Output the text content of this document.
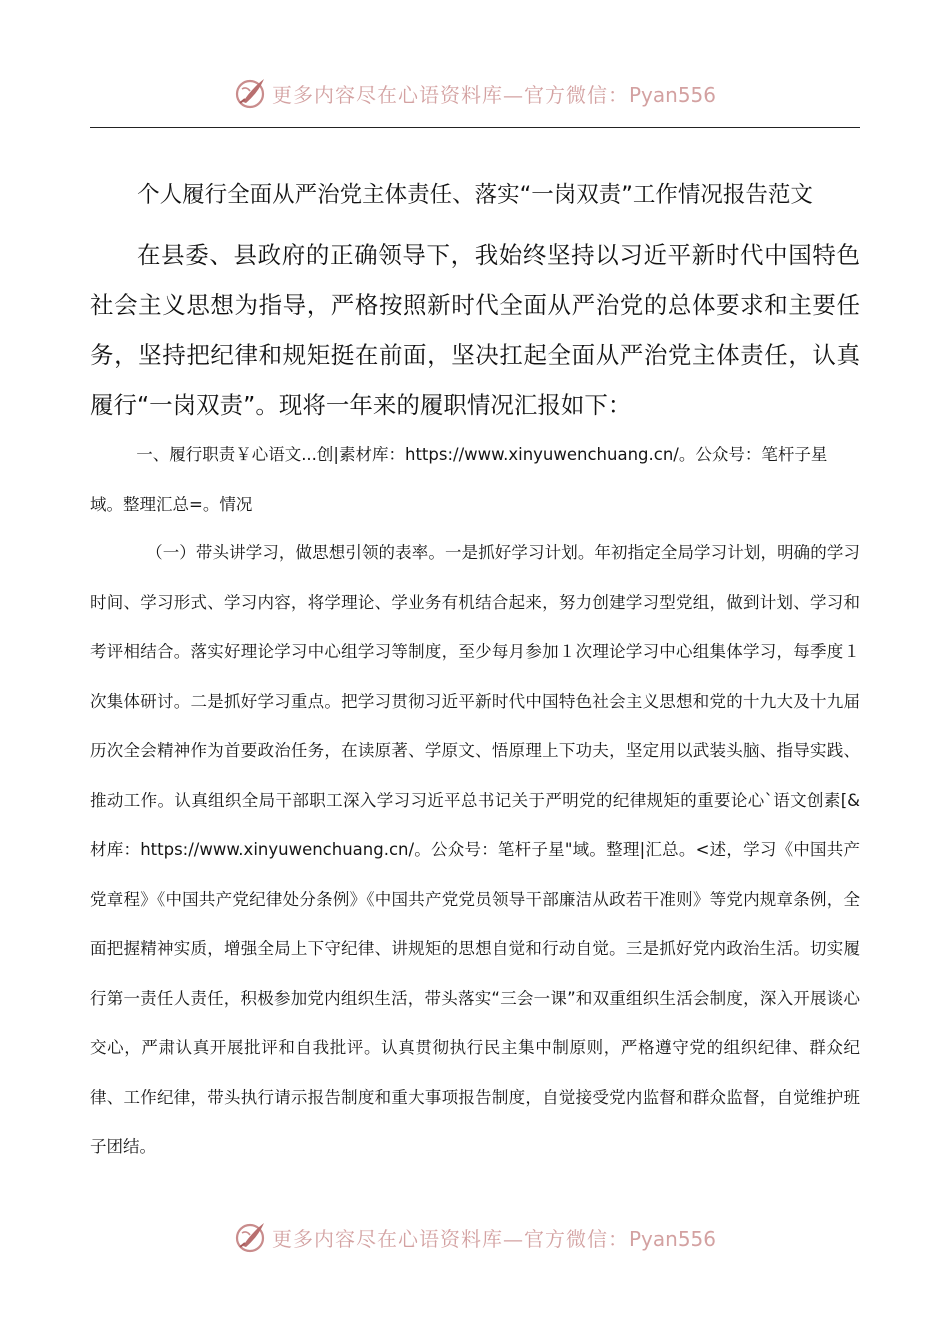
更多内容尽在心语资料库—官方微信：Pyan556
个人履行全面从严治党主体责任、落实“一岗双责”工作情况报告范文

在县委、县政府的正确领导下，我始终坚持以习近平新时代中国特色社会主义思想为指导，严格按照新时代全面从严治党的总体要求和主要任务，坚持把纪律和规矩挺在前面，坚决扛起全面从严治党主体责任，认真履行“一岗双责”。现将一年来的履职情况汇报如下：

一、履行职责￥心语文...创|素材库：https://www.xinyuwenchuang.cn/。公众号：笔杆子星域。整理汇总=。情况

（一）带头讲学习，做思想引领的表率。一是抓好学习计划。年初指定全局学习计划，明确的学习时间、学习形式、学习内容，将学理论、学业务有机结合起来，努力创建学习型党组，做到计划、学习和考评相结合。落实好理论学习中心组学习等制度，至少每月参加１次理论学习中心组集体学习，每季度１次集体研讨。二是抓好学习重点。把学习贯彻习近平新时代中国特色社会主义思想和党的十九大及十九届历次全会精神作为首要政治任务，在读原著、学原文、悟原理上下功夫，坚定用以武装头脑、指导实践、推动工作。认真组织全局干部职工深入学习习近平总书记关于严明党的纪律规矩的重要论心`语文创素[&材库：https://www.xinyuwenchuang.cn/。公众号：笔杆子星"域。整理|汇总。<述，学习《中国共产党章程》《中国共产党纪律处分条例》《中国共产党党员领导干部廉洁从政若干准则》等党内规章条例，全面把握精神实质，增强全局上下守纪律、讲规矩的思想自觉和行动自觉。三是抓好党内政治生活。切实履行第一责任人责任，积极参加党内组织生活，带头落实“三会一课”和双重组织生活会制度，深入开展谈心交心，严肃认真开展批评和自我批评。认真贯彻执行民主集中制原则，严格遵守党的组织纪律、群众纪律、工作纪律，带头执行请示报告制度和重大事项报告制度，自觉接受党内监督和群众监督，自觉维护班子团结。

更多内容尽在心语资料库—官方微信：Pyan556
